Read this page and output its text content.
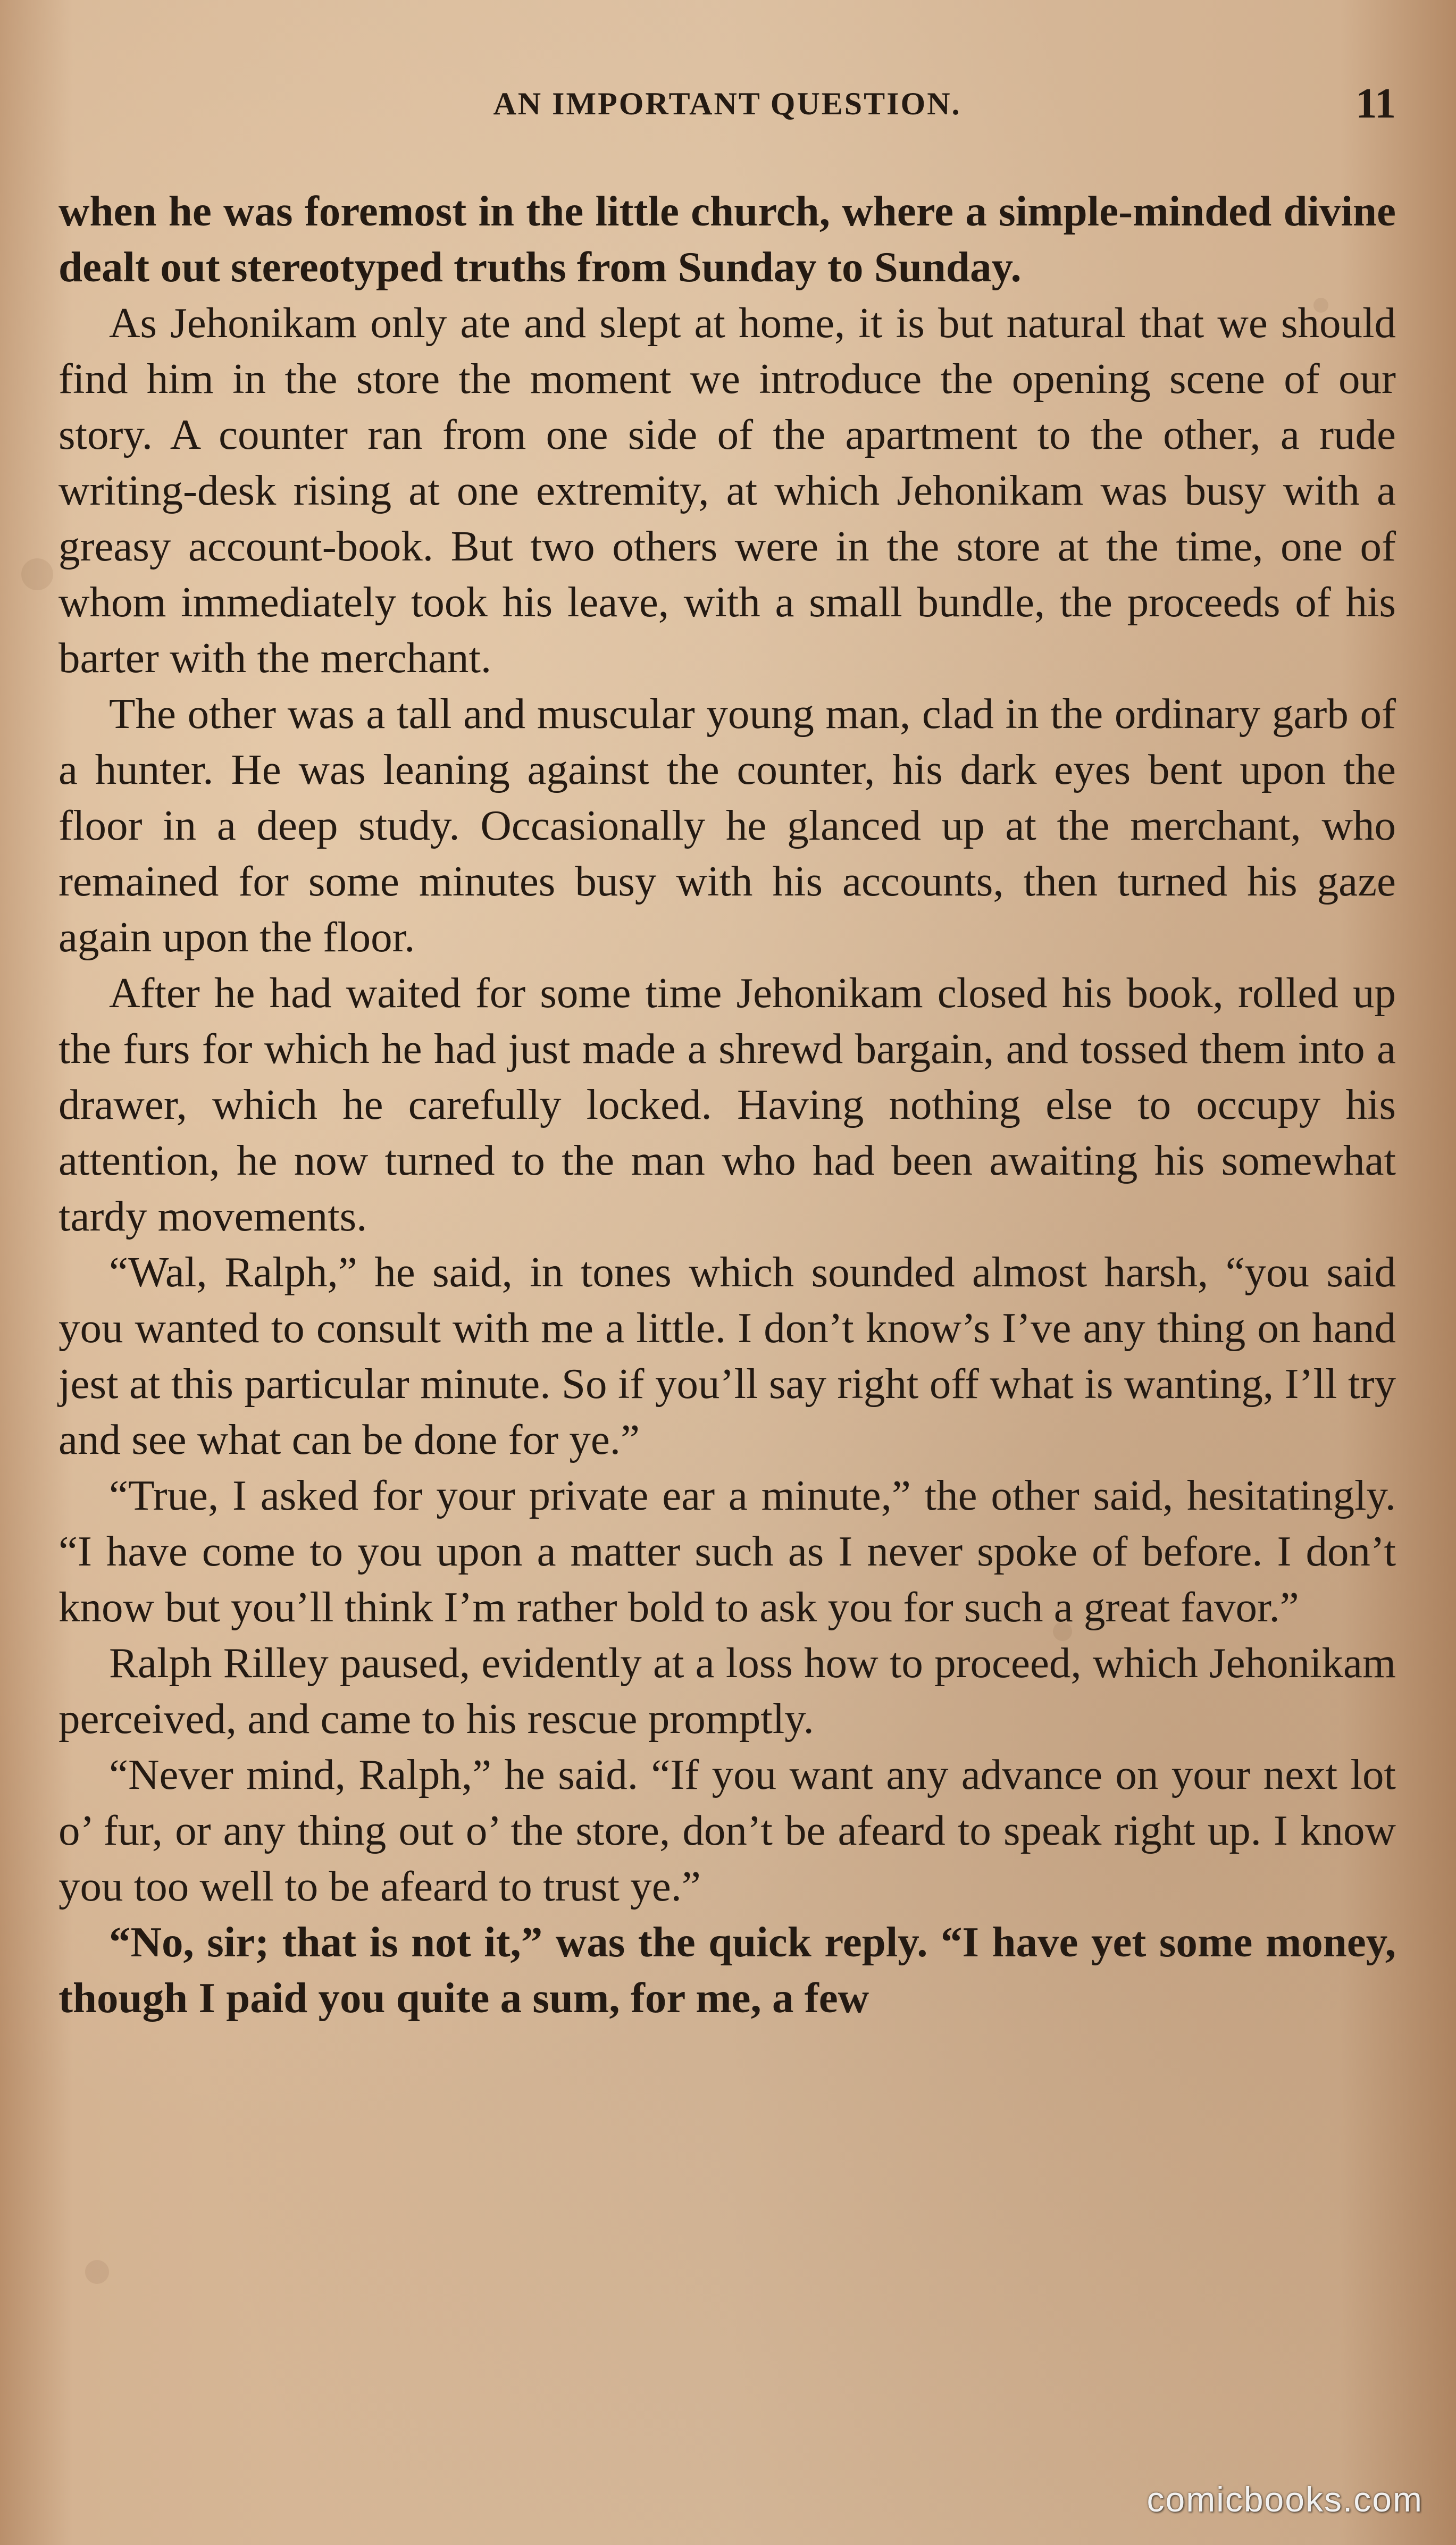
AN IMPORTANT QUESTION.	11

when he was foremost in the little church, where a simple-minded divine dealt out stereotyped truths from Sunday to Sunday.

As Jehonikam only ate and slept at home, it is but natural that we should find him in the store the moment we introduce the opening scene of our story. A counter ran from one side of the apartment to the other, a rude writing-desk rising at one extremity, at which Jehonikam was busy with a greasy account-book. But two others were in the store at the time, one of whom immediately took his leave, with a small bundle, the proceeds of his barter with the merchant.

The other was a tall and muscular young man, clad in the ordinary garb of a hunter. He was leaning against the counter, his dark eyes bent upon the floor in a deep study. Occasionally he glanced up at the merchant, who remained for some minutes busy with his accounts, then turned his gaze again upon the floor.

After he had waited for some time Jehonikam closed his book, rolled up the furs for which he had just made a shrewd bargain, and tossed them into a drawer, which he carefully locked. Having nothing else to occupy his attention, he now turned to the man who had been awaiting his somewhat tardy movements.

“Wal, Ralph,” he said, in tones which sounded almost harsh, “you said you wanted to consult with me a little. I don’t know’s I’ve any thing on hand jest at this particular minute. So if you’ll say right off what is wanting, I’ll try and see what can be done for ye.”

“True, I asked for your private ear a minute,” the other said, hesitatingly. “I have come to you upon a matter such as I never spoke of before. I don’t know but you’ll think I’m rather bold to ask you for such a great favor.”

Ralph Rilley paused, evidently at a loss how to proceed, which Jehonikam perceived, and came to his rescue promptly.

“Never mind, Ralph,” he said. “If you want any advance on your next lot o’ fur, or any thing out o’ the store, don’t be afeard to speak right up. I know you too well to be afeard to trust ye.”

“No, sir; that is not it,” was the quick reply. “I have yet some money, though I paid you quite a sum, for me, a few

comicbooks.com
